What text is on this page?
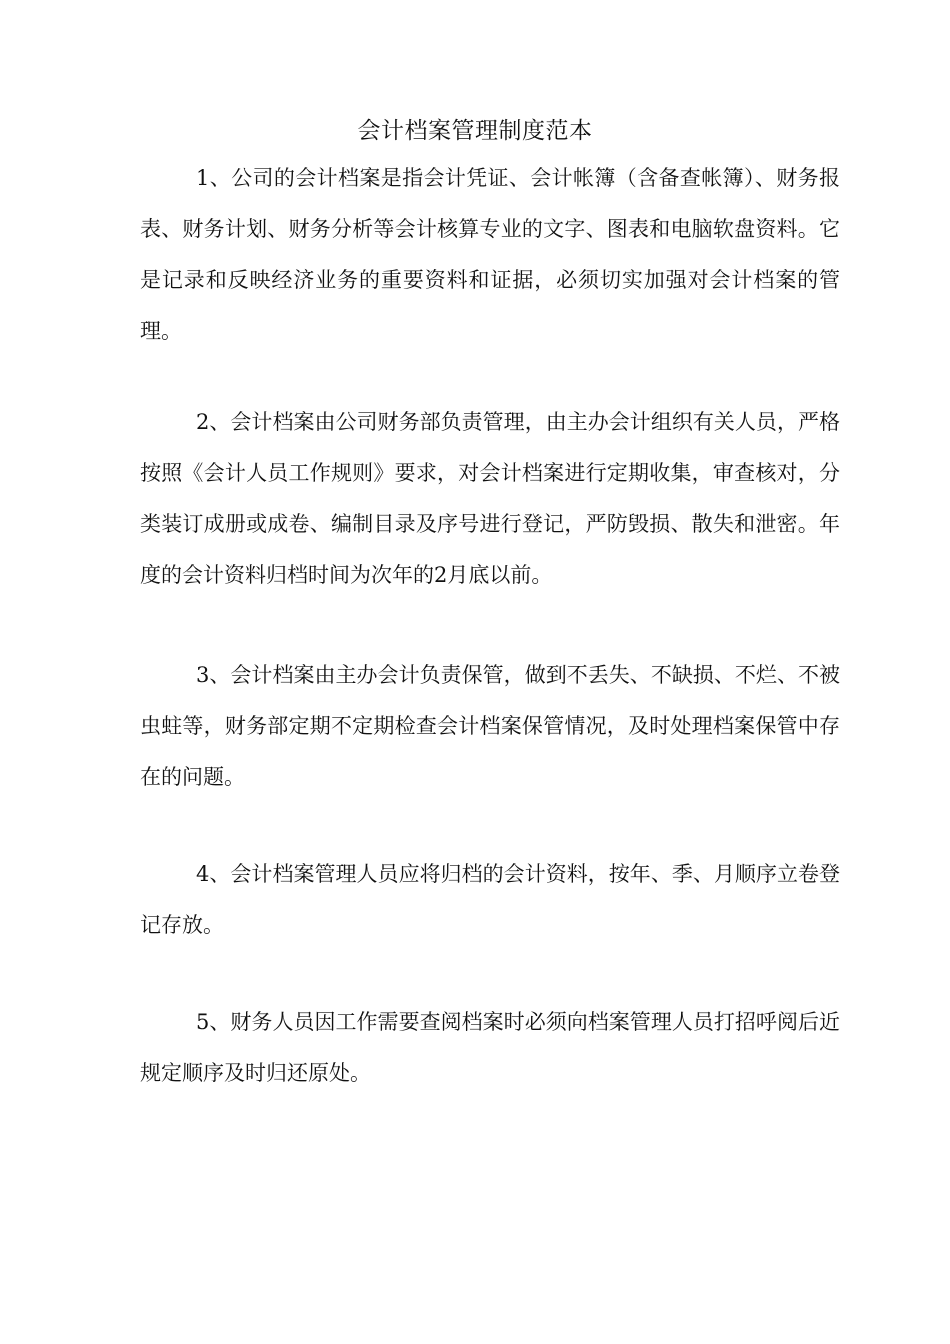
会计档案管理制度范本

1、公司的会计档案是指会计凭证、会计帐簿（含备查帐簿）、财务报表、财务计划、财务分析等会计核算专业的文字、图表和电脑软盘资料。它是记录和反映经济业务的重要资料和证据，必须切实加强对会计档案的管理。

2、会计档案由公司财务部负责管理，由主办会计组织有关人员，严格按照《会计人员工作规则》要求，对会计档案进行定期收集，审查核对，分类装订成册或成卷、编制目录及序号进行登记，严防毁损、散失和泄密。年度的会计资料归档时间为次年的2月底以前。

3、会计档案由主办会计负责保管，做到不丢失、不缺损、不烂、不被虫蛀等，财务部定期不定期检查会计档案保管情况，及时处理档案保管中存在的问题。

4、会计档案管理人员应将归档的会计资料，按年、季、月顺序立卷登记存放。

5、财务人员因工作需要查阅档案时必须向档案管理人员打招呼阅后近规定顺序及时归还原处。
